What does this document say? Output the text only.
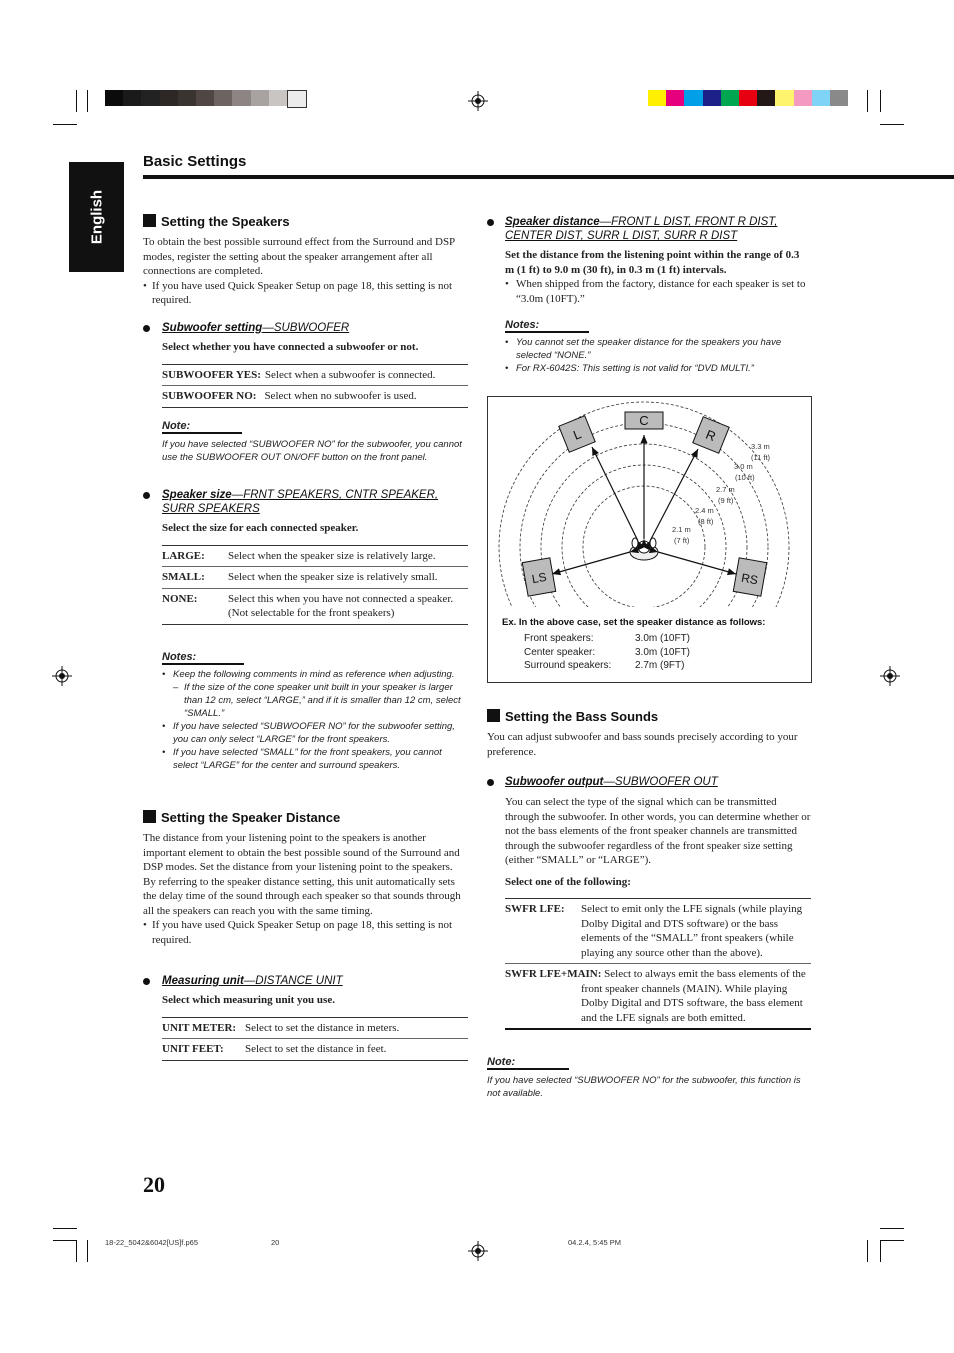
Basic Settings
English	Setting the Speakers
To obtain the best possible surround effect from the Surround and DSP modes, register the setting about the speaker arrangement after all connections are completed.
• If you have used Quick Speaker Setup on page 18, this setting is not required.
Subwoofer setting—SUBWOOFER
Select whether you have connected a subwoofer or not.
SUBWOOFER YES: Select when a subwoofer is connected.
SUBWOOFER NO: Select when no subwoofer is used.
Note:
If you have selected “SUBWOOFER NO” for the subwoofer, you cannot use the SUBWOOFER OUT ON/OFF button on the front panel.
Speaker size—FRNT SPEAKERS, CNTR SPEAKER, SURR SPEAKERS
Select the size for each connected speaker.
LARGE:	Select when the speaker size is relatively large.
SMALL:	Select when the speaker size is relatively small.
NONE:	Select this when you have not connected a speaker. (Not selectable for the front speakers)
Notes:
• Keep the following comments in mind as reference when adjusting.
– If the size of the cone speaker unit built in your speaker is larger than 12 cm, select “LARGE,” and if it is smaller than 12 cm, select “SMALL.”
• If you have selected “SUBWOOFER NO” for the subwoofer setting, you can only select “LARGE” for the front speakers.
• If you have selected “SMALL” for the front speakers, you cannot select “LARGE” for the center and surround speakers.
Setting the Speaker Distance
The distance from your listening point to the speakers is another important element to obtain the best possible sound of the Surround and DSP modes. Set the distance from your listening point to the speakers.
By referring to the speaker distance setting, this unit automatically sets the delay time of the sound through each speaker so that sounds through all the speakers can reach you with the same timing.
• If you have used Quick Speaker Setup on page 18, this setting is not required.
Measuring unit—DISTANCE UNIT
Select which measuring unit you use.
UNIT METER: Select to set the distance in meters.
UNIT FEET:	Select to set the distance in feet.
Speaker distance—FRONT L DIST, FRONT R DIST, CENTER DIST, SURR L DIST, SURR R DIST
Set the distance from the listening point within the range of 0.3 m (1 ft) to 9.0 m (30 ft), in 0.3 m (1 ft) intervals.
• When shipped from the factory, distance for each speaker is set to “3.0m (10FT).”
Notes:
• You cannot set the speaker distance for the speakers you have selected “NONE.”
• For RX-6042S: This setting is not valid for “DVD MULTI.”
L
C
R
LS	RS
3.3 m
(11 ft)
3.0 m
(10 ft)
2.7 m
(9 ft)
2.4 m
(8 ft)
2.1 m
(7 ft)
Ex. In the above case, set the speaker distance as follows:
Front speakers:	3.0m (10FT)
Center speaker:	3.0m (10FT)
Surround speakers:	2.7m (9FT)
Setting the Bass Sounds
You can adjust subwoofer and bass sounds precisely according to your preference.
Subwoofer output—SUBWOOFER OUT
You can select the type of the signal which can be transmitted through the subwoofer. In other words, you can determine whether or not the bass elements of the front speaker channels are transmitted through the subwoofer regardless of the front speaker size setting (either “SMALL” or “LARGE”).
Select one of the following:
SWFR LFE:	Select to emit only the LFE signals (while playing Dolby Digital and DTS software) or the bass elements of the “SMALL” front speakers (while playing any source other than the above).
SWFR LFE+MAIN: Select to always emit the bass elements of the front speaker channels (MAIN). While playing Dolby Digital and DTS software, the bass element and the LFE signals are both emitted.
Note:
If you have selected “SUBWOOFER NO” for the subwoofer, this function is not available.
20
18-22_5042&6042[US]f.p65	20	04.2.4, 5:45 PM
